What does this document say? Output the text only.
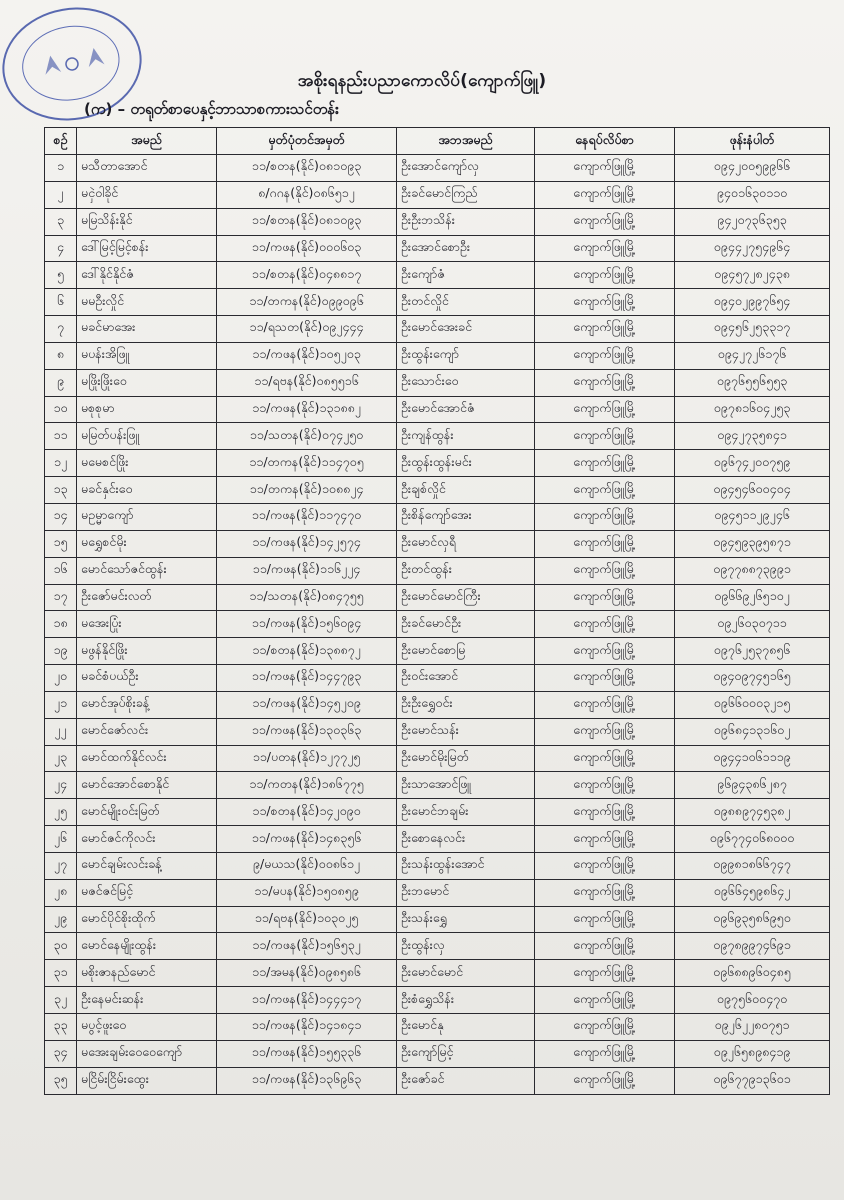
အစိုးရနည်းပညာကောလိပ်(ကျောက်ဖြူ)
(က) – တရုတ်စာပေနှင့်ဘာသာစကားသင်တန်း
စဉ်	အမည်	မှတ်ပုံတင်အမှတ်	အဘအမည်	နေရပ်လိပ်စာ	ဖုန်းနံပါတ်
၁	မသီတာအောင်	၁၁/စတန(နိုင်)၀၈၁၀၉၃	ဦးအောင်ကျော်လှ	ကျောက်ဖြူမြို့	၀၉၄၂၀၀၅၉၉၆၆
၂	မငှဲ၀ါခိုင်	၈/ဂဂန(နိုင်)၀၈၆၅၁၂	ဦးခင်မောင်ကြည်	ကျောက်ဖြူမြို့	၉၄၀၁၆၃၀၁၁၀
၃	မမြသိန်းနိုင်	၁၁/စတန(နိုင်)၀၈၁၀၉၃	ဦးဦးဘသိန်း	ကျောက်ဖြူမြို့	၉၄၂၀၇၃၆၃၅၃
၄	ဒေါ်မြင့်မြင့်စန်း	၁၁/ကဖန(နိုင်)၀၀၀၆၀၃	ဦးအောင်စောဦး	ကျောက်ဖြူမြို့	၀၉၄၄၂၇၅၄၉၆၄
၅	ဒေါ်နိုင်နိုင်ဇံ	၁၁/စတန(နိုင်)၀၄၈၈၁၇	ဦးကျော်ဇံ	ကျောက်ဖြူမြို့	၀၉၄၅၇၂၈၂၄၃၈
၆	မမဦးလှိုင်	၁၁/တကန(နိုင်)၀၉၉၀၉၆	ဦးတင်လှိုင်	ကျောက်ဖြူမြို့	၀၉၄၀၂၉၉၇၆၅၄
၇	မခင်မာအေး	၁၁/ရသတ(နိုင်)၀၉၂၄၄၄	ဦးမောင်အေးခင်	ကျောက်ဖြူမြို့	၀၉၄၅၆၂၅၃၃၁၇
၈	မပန်းအိဖြူ	၁၁/ကဖန(နိုင်)၁၀၅၂၀၃	ဦးထွန်းကျော်	ကျောက်ဖြူမြို့	၀၉၄၂၇၂၆၁၇၆
၉	မဖြိုးဖြိုးဝေ	၁၁/ရဗန(နိုင်)၀၈၅၅၁၆	ဦးသောင်းဝေ	ကျောက်ဖြူမြို့	၀၉၇၆၅၅၆၅၅၃
၁၀	မစုစုမာ	၁၁/ကဖန(နိုင်)၁၃၁၈၈၂	ဦးမောင်အောင်ဇံ	ကျောက်ဖြူမြို့	၀၉၇၈၁၆၀၄၂၅၃
၁၁	မမြတ်ပန်းဖြူ	၁၁/သတန(နိုင်)၀၇၄၂၅၀	ဦးကျန်ထွန်း	ကျောက်ဖြူမြို့	၀၉၄၂၇၃၅၈၄၁
၁၂	မမေစင်ဖြိုး	၁၁/တကန(နိုင်)၁၁၄၇၀၅	ဦးထွန်းထွန်းမင်း	ကျောက်ဖြူမြို့	၀၉၆၇၄၂၀၀၇၅၉
၁၃	မခင်နှင်းဝေ	၁၁/တကန(နိုင်)၁၀၈၈၂၄	ဦးချစ်လှိုင်	ကျောက်ဖြူမြို့	၀၉၄၅၄၆၀၀၄၀၄
၁၄	မဥမ္မာကျော်	၁၁/ကဖန(နိုင်)၁၁၇၄၇၀	ဦးစိန်ကျော်အေး	ကျောက်ဖြူမြို့	၀၉၄၅၁၁၂၉၂၄၆
၁၅	မရွှေစင်မိုး	၁၁/ကဖန(နိုင်)၁၄၂၅၇၄	ဦးမောင်လှရီ	ကျောက်ဖြူမြို့	၀၉၄၅၉၃၉၅၈၇၁
၁၆	မောင်သော်ဇင်ထွန်း	၁၁/ကဖန(နိုင်)၁၁၆၂၂၄	ဦးတင်ထွန်း	ကျောက်ဖြူမြို့	၀၉၇၇၈၈၇၃၉၉၁
၁၇	ဦးဇော်မင်းလတ်	၁၁/သတန(နိုင်)၀၈၄၇၅၅	ဦးမောင်မောင်ကြီး	ကျောက်ဖြူမြို့	၀၉၆၆၉၂၆၅၁၀၂
၁၈	မအေးပြုံး	၁၁/ကဖန(နိုင်)၁၅၆၀၉၄	ဦးခင်မောင်ဦး	ကျောက်ဖြူမြို့	၀၉၂၆၀၃၀၇၁၁
၁၉	မဖွန်နိုင်ဖြိုး	၁၁/စတန(နိုင်)၁၃၈၈၇၂	ဦးမောင်စောမြ	ကျောက်ဖြူမြို့	၀၉၇၆၂၅၃၇၈၅၆
၂၀	မခင်စံပယ်ဦး	၁၁/ကဖန(နိုင်)၁၄၄၇၉၃	ဦးဝင်းအောင်	ကျောက်ဖြူမြို့	၀၉၄၀၉၇၄၅၁၆၅
၂၁	မောင်အုပ်စိုးခန့်	၁၁/ကဖန(နိုင်)၁၄၅၂၀၉	ဦးဦးရွှေဝင်း	ကျောက်ဖြူမြို့	၀၉၆၆၀၀၀၃၂၁၅
၂၂	မောင်ဇော်လင်း	၁၁/ကဖန(နိုင်)၁၃၀၃၆၃	ဦးမောင်သန်း	ကျောက်ဖြူမြို့	၀၉၆၈၄၁၃၁၆၀၂
၂၃	မောင်ထက်နိုင်လင်း	၁၁/ပတန(နိုင်)၁၂၇၇၂၅	ဦးမောင်မိုးမြတ်	ကျောက်ဖြူမြို့	၀၉၄၄၁၀၆၁၁၁၉
၂၄	မောင်အောင်စောနိုင်	၁၁/ကတန(နိုင်)၁၈၆၇၇၅	ဦးသာအောင်ဖြူ	ကျောက်ဖြူမြို့	၉၆၉၄၃၈၆၂၈၇
၂၅	မောင်မျိုးဝင်းမြတ်	၁၁/စတန(နိုင်)၁၄၂၀၉၀	ဦးမောင်ဘချမ်း	ကျောက်ဖြူမြို့	၀၉၈၈၉၇၄၅၃၈၂
၂၆	မောင်ဇင်ကိုလင်း	၁၁/ကဖန(နိုင်)၁၄၈၃၅၆	ဦးစောနေလင်း	ကျောက်ဖြူမြို့	၀၉၆၇၇၄၀၆၈၀၀၀
၂၇	မောင်ချမ်းလင်းခန့်	၉/မယသ(နိုင်)၀၀၈၆၁၂	ဦးသန်းထွန်းအောင်	ကျောက်ဖြူမြို့	၀၉၉၈၁၈၆၆၇၄၇
၂၈	မဇင်ဇင်မြင့်	၁၁/မပန(နိုင်)၁၅၀၈၅၉	ဦးဘမောင်	ကျောက်ဖြူမြို့	၀၉၆၆၄၅၉၈၆၄၂
၂၉	မောင်ပိုင်စိုးထိုက်	၁၁/ရဗန(နိုင်)၁၀၃၀၂၅	ဦးသန်းရွှေ	ကျောက်ဖြူမြို့	၀၉၆၉၃၅၈၆၉၅၀
၃၀	မောင်နေမျိုးထွန်း	၁၁/ကဖန(နိုင်)၁၅၆၅၃၂	ဦးထွန်းလှ	ကျောက်ဖြူမြို့	၀၉၇၈၉၉၇၄၆၉၁
၃၁	မစိုးဇာနည်မောင်	၁၁/အမန(နိုင်)၀၉၈၅၈၆	ဦးမောင်မောင်	ကျောက်ဖြူမြို့	၀၉၆၈၈၉၆၀၄၈၅
၃၂	ဦးနေမင်းဆန်း	၁၁/ကဖန(နိုင်)၁၄၄၄၁၇	ဦးစံရွှေသိန်း	ကျောက်ဖြူမြို့	၀၉၇၅၆၀၀၄၇၀
၃၃	မပွင့်ဖူးဝေ	၁၁/ကဖန(နိုင်)၁၄၁၈၄၁	ဦးမောင်နု	ကျောက်ဖြူမြို့	၀၉၂၆၂၂၈၀၇၅၁
၃၄	မအေးချမ်းဝေဝေကျော်	၁၁/ကဖန(နိုင်)၁၅၅၃၃၆	ဦးကျော်မြင့်	ကျောက်ဖြူမြို့	၀၉၂၆၅၈၉၈၄၁၉
၃၅	မငြိမ်းငြိမ်းထွေး	၁၁/ကဖန(နိုင်)၁၃၆၉၆၃	ဦးဇော်ခင်	ကျောက်ဖြူမြို့	၀၉၆၇၇၉၁၃၆၀၁
